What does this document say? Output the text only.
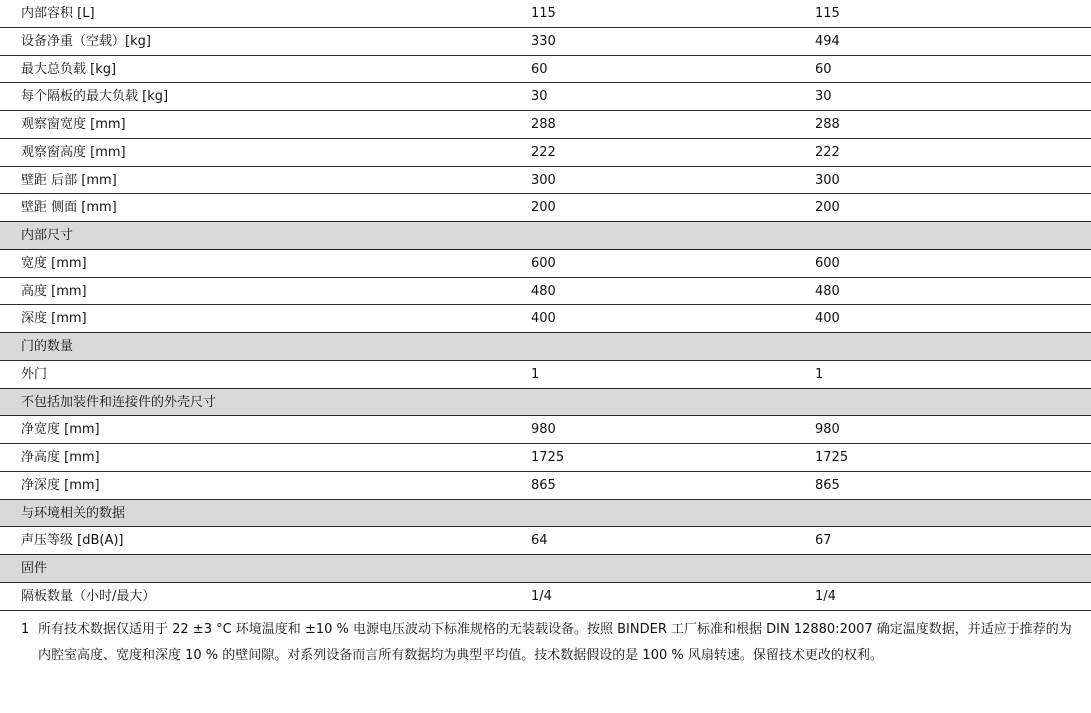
内部容积 [L]	115	115
设备净重（空载）[kg]	330	494
最大总负载 [kg]	60	60
每个隔板的最大负载 [kg]	30	30
观察窗宽度 [mm]	288	288
观察窗高度 [mm]	222	222
壁距 后部 [mm]	300	300
壁距 侧面 [mm]	200	200
内部尺寸
宽度 [mm]	600	600
高度 [mm]	480	480
深度 [mm]	400	400
门的数量
外门	1	1
不包括加装件和连接件的外壳尺寸
净宽度 [mm]	980	980
净高度 [mm]	1725	1725
净深度 [mm]	865	865
与环境相关的数据
声压等级 [dB(A)]	64	67
固件
隔板数量（小时/最大）	1/4	1/4
1 所有技术数据仅适用于 22 ±3 °C 环境温度和 ±10 % 电源电压波动下标准规格的无装载设备。按照 BINDER 工厂标准和根据 DIN 12880:2007 确定温度数据，并适应于推荐的为内腔室高度、宽度和深度 10 % 的壁间隙。对系列设备而言所有数据均为典型平均值。技术数据假设的是 100 % 风扇转速。保留技术更改的权利。
